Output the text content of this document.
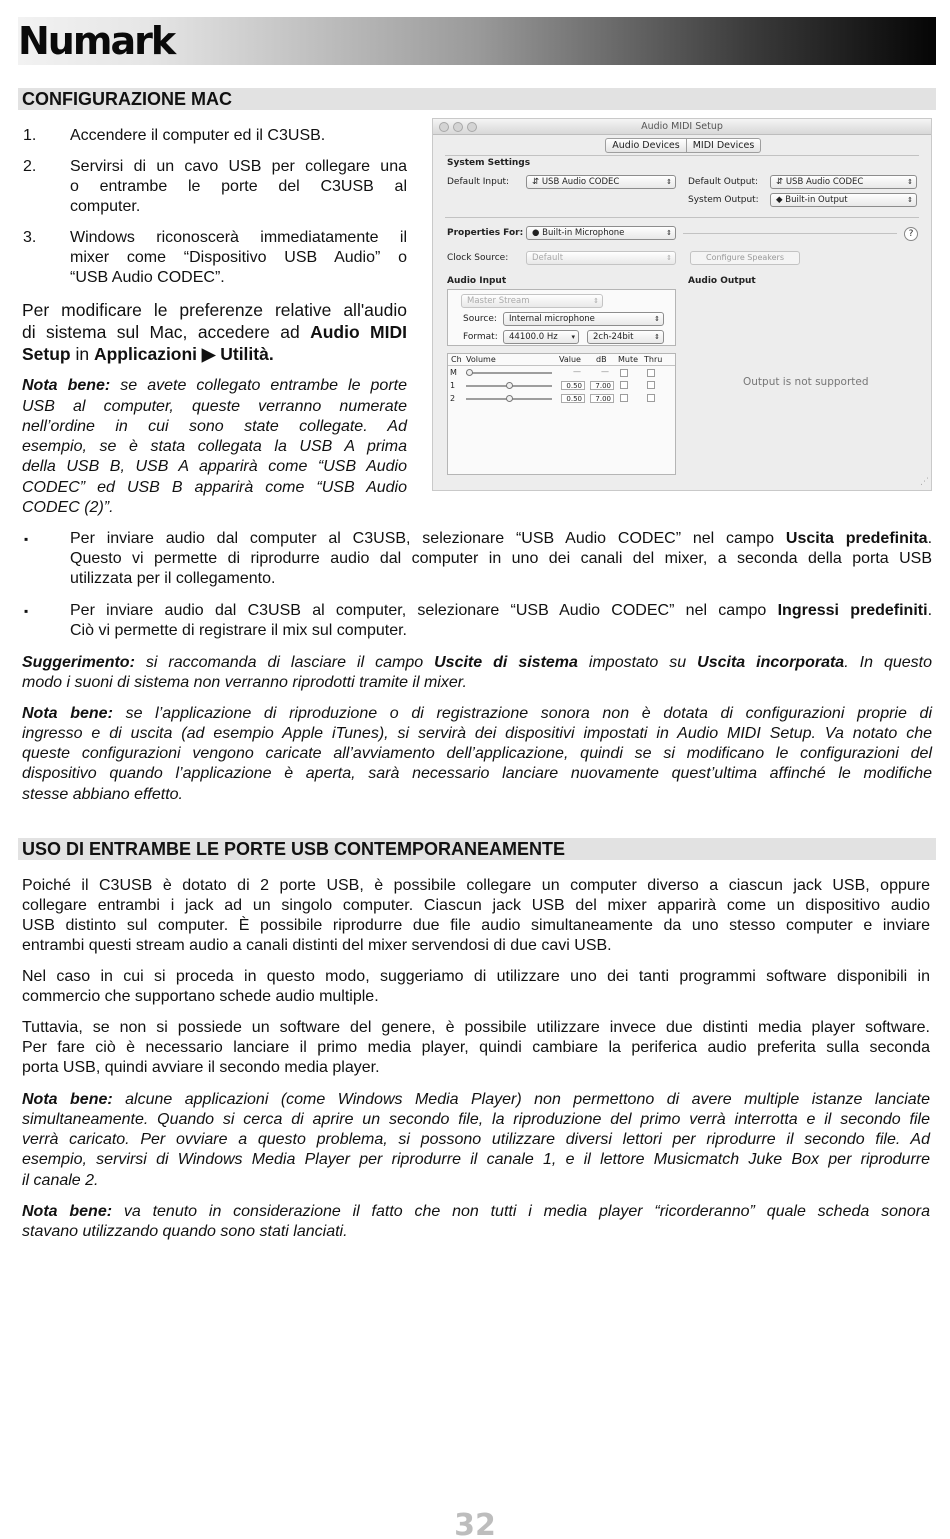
Numark
CONFIGURAZIONE MAC
1. Accendere il computer ed il C3USB.
2. Servirsi di un cavo USB per collegare una
o entrambe le porte del C3USB al
computer.
3. Windows riconoscerà immediatamente il
mixer come “Dispositivo USB Audio” o
“USB Audio CODEC”.
Per modificare le preferenze relative all'audio
di sistema sul Mac, accedere ad Audio MIDI
Setup in Applicazioni ▶ Utilità.
Nota bene: se avete collegato entrambe le porte
USB al computer, queste verranno numerate
nell’ordine in cui sono state collegate. Ad
esempio, se è stata collegata la USB A prima
della USB B, USB A apparirà come “USB Audio
CODEC” ed USB B apparirà come “USB Audio
CODEC (2)”.
Audio MIDI Setup
Audio Devices	MIDI Devices
System Settings
Default Input:	⇵ USB Audio CODEC	⇕ Default Output:	⇵ USB Audio CODEC	⇕
System Output:	◆ Built-in Output	⇕
Properties For:	● Built-in Microphone	⇕	?
Clock Source:	Default	⇕	Configure Speakers
Audio Input	Audio Output
Master Stream	⇕
Source:	Internal microphone	⇕
Format:	44100.0 Hz ▾	2ch-24bit	⇕
Ch Volume	Value dB Mute Thru
M	—	—
1	0.50	7.00
2	0.50	7.00
Output is not supported
⋰
▪	Per inviare audio dal computer al C3USB, selezionare “USB Audio CODEC” nel campo Uscita predefinita.
Questo vi permette di riprodurre audio dal computer in uno dei canali del mixer, a seconda della porta USB
utilizzata per il collegamento.
▪	Per inviare audio dal C3USB al computer, selezionare “USB Audio CODEC” nel campo Ingressi predefiniti.
Ciò vi permette di registrare il mix sul computer.
Suggerimento: si raccomanda di lasciare il campo Uscite di sistema impostato su Uscita incorporata. In questo
modo i suoni di sistema non verranno riprodotti tramite il mixer.
Nota bene: se l’applicazione di riproduzione o di registrazione sonora non è dotata di configurazioni proprie di
ingresso e di uscita (ad esempio Apple iTunes), si servirà dei dispositivi impostati in Audio MIDI Setup. Va notato che
queste configurazioni vengono caricate all’avviamento dell’applicazione, quindi se si modificano le configurazioni del
dispositivo quando l’applicazione è aperta, sarà necessario lanciare nuovamente quest’ultima affinché le modifiche
stesse abbiano effetto.
USO DI ENTRAMBE LE PORTE USB CONTEMPORANEAMENTE
Poiché il C3USB è dotato di 2 porte USB, è possibile collegare un computer diverso a ciascun jack USB, oppure
collegare entrambi i jack ad un singolo computer. Ciascun jack USB del mixer apparirà come un dispositivo audio
USB distinto sul computer. È possibile riprodurre due file audio simultaneamente da uno stesso computer e inviare
entrambi questi stream audio a canali distinti del mixer servendosi di due cavi USB.
Nel caso in cui si proceda in questo modo, suggeriamo di utilizzare uno dei tanti programmi software disponibili in
commercio che supportano schede audio multiple.
Tuttavia, se non si possiede un software del genere, è possibile utilizzare invece due distinti media player software.
Per fare ciò è necessario lanciare il primo media player, quindi cambiare la periferica audio preferita sulla seconda
porta USB, quindi avviare il secondo media player.
Nota bene: alcune applicazioni (come Windows Media Player) non permettono di avere multiple istanze lanciate
simultaneamente. Quando si cerca di aprire un secondo file, la riproduzione del primo verrà interrotta e il secondo file
verrà caricato. Per ovviare a questo problema, si possono utilizzare diversi lettori per riprodurre il secondo file. Ad
esempio, servirsi di Windows Media Player per riprodurre il canale 1, e il lettore Musicmatch Juke Box per riprodurre
il canale 2.
Nota bene: va tenuto in considerazione il fatto che non tutti i media player “ricorderanno” quale scheda sonora
stavano utilizzando quando sono stati lanciati.
32
